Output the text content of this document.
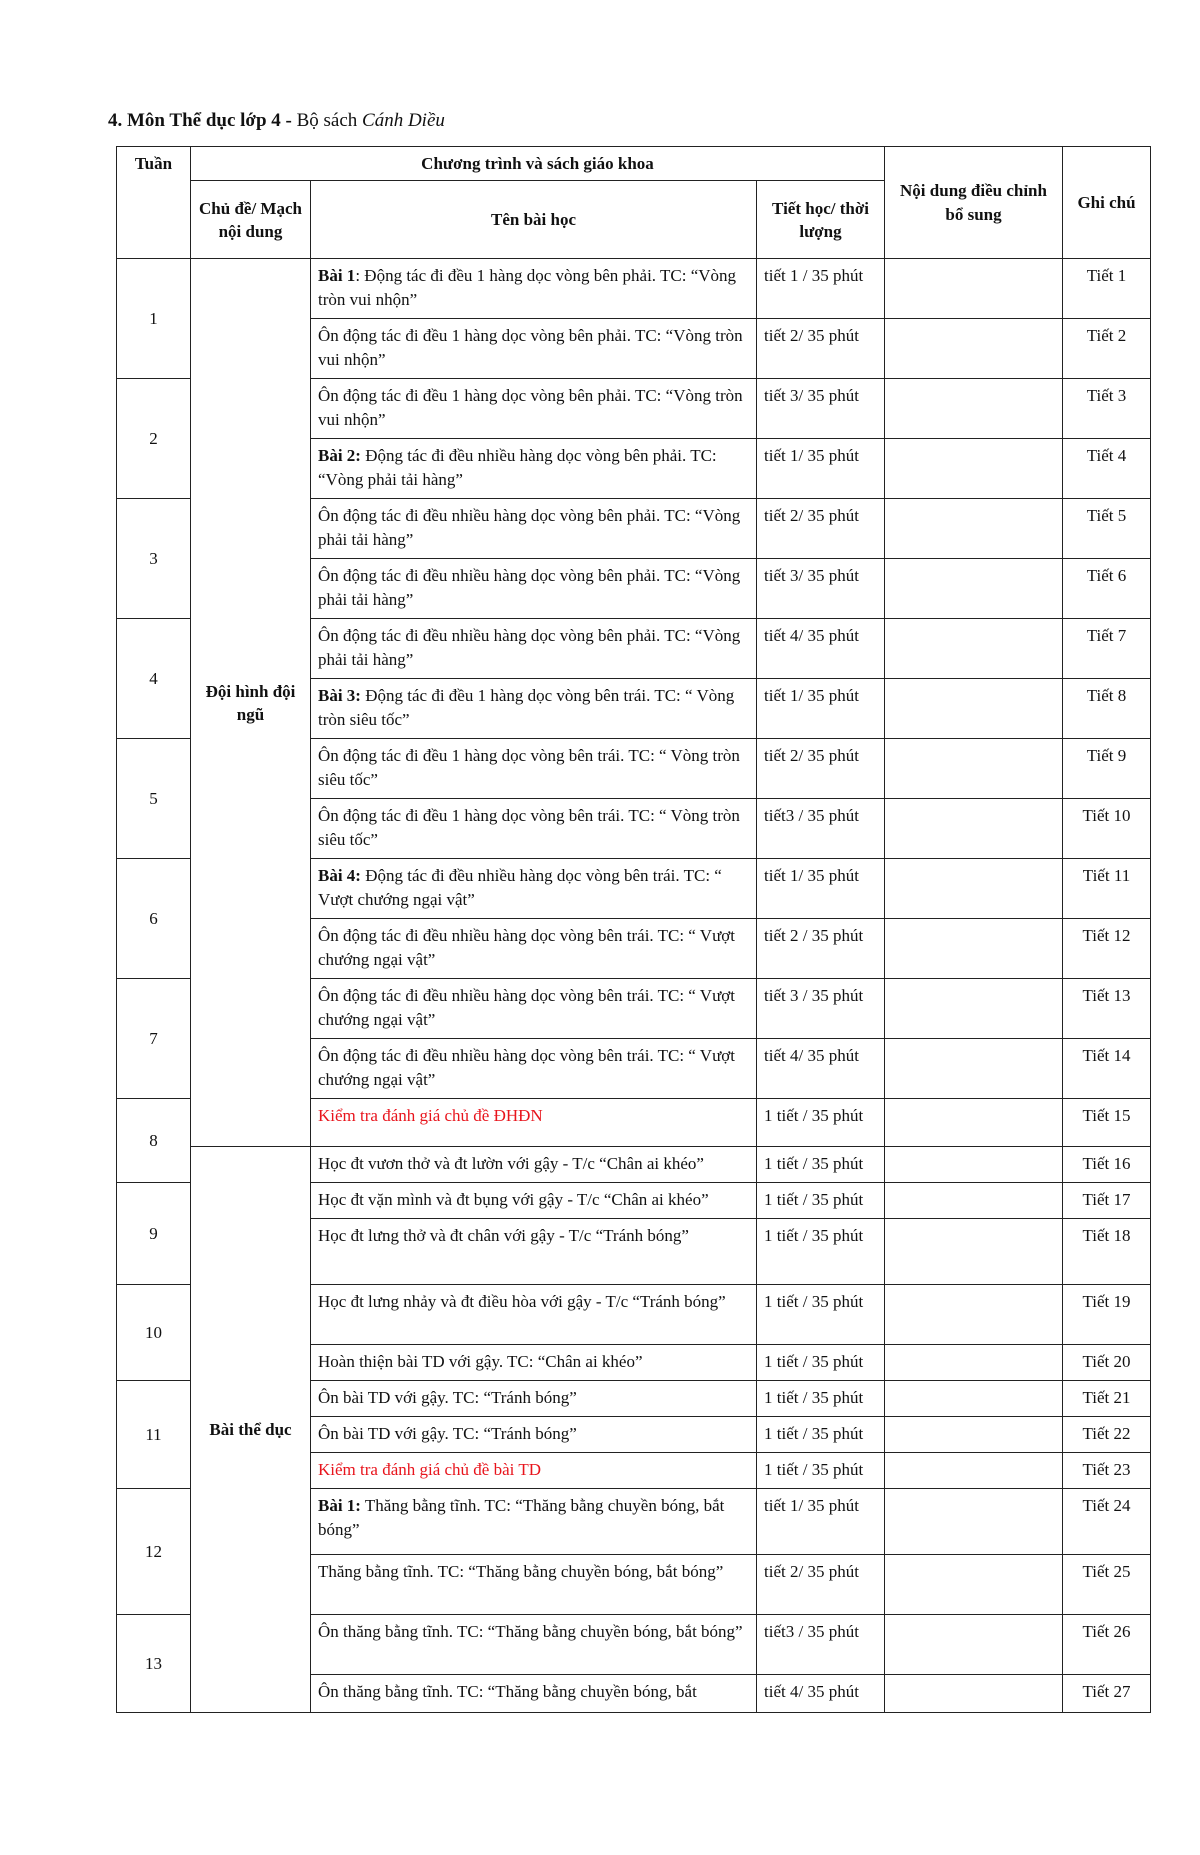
4. Môn Thể dục lớp 4 - Bộ sách Cánh Diều
Tuần	Chương trình và sách giáo khoa			Nội dung điều chỉnh bổ sung	Ghi chú
	Chủ đề/ Mạch nội dung	Tên bài học	Tiết học/ thời lượng		
1	Đội hình đội ngũ	Bài 1: Động tác đi đều 1 hàng dọc vòng bên phải. TC: “Vòng tròn vui nhộn”	tiết 1 / 35 phút		Tiết 1
		Ôn động tác đi đều 1 hàng dọc vòng bên phải. TC: “Vòng tròn vui nhộn”	tiết 2/ 35 phút		Tiết 2
2		Ôn động tác đi đều 1 hàng dọc vòng bên phải. TC: “Vòng tròn vui nhộn”	tiết 3/ 35 phút		Tiết 3
		Bài 2: Động tác đi đều nhiều hàng dọc vòng bên phải. TC: “Vòng phải tải hàng”	tiết 1/ 35 phút		Tiết 4
3		Ôn động tác đi đều nhiều hàng dọc vòng bên phải. TC: “Vòng phải tải hàng”	tiết 2/ 35 phút		Tiết 5
		Ôn động tác đi đều nhiều hàng dọc vòng bên phải. TC: “Vòng phải tải hàng”	tiết 3/ 35 phút		Tiết 6
4		Ôn động tác đi đều nhiều hàng dọc vòng bên phải. TC: “Vòng phải tải hàng”	tiết 4/ 35 phút		Tiết 7
		Bài 3: Động tác đi đều 1 hàng dọc vòng bên trái. TC: “ Vòng tròn siêu tốc”	tiết 1/ 35 phút		Tiết 8
5		Ôn động tác đi đều 1 hàng dọc vòng bên trái. TC: “ Vòng tròn siêu tốc”	tiết 2/ 35 phút		Tiết 9
		Ôn động tác đi đều 1 hàng dọc vòng bên trái. TC: “ Vòng tròn siêu tốc”	tiết3 / 35 phút		Tiết 10
6		Bài 4: Động tác đi đều nhiều hàng dọc vòng bên trái. TC: “ Vượt chướng ngại vật”	tiết 1/ 35 phút		Tiết 11
		Ôn động tác đi đều nhiều hàng dọc vòng bên trái. TC: “ Vượt chướng ngại vật”	tiết 2 / 35 phút		Tiết 12
7		Ôn động tác đi đều nhiều hàng dọc vòng bên trái. TC: “ Vượt chướng ngại vật”	tiết 3 / 35 phút		Tiết 13
		Ôn động tác đi đều nhiều hàng dọc vòng bên trái. TC: “ Vượt chướng ngại vật”	tiết 4/ 35 phút		Tiết 14
8		Kiểm tra đánh giá chủ đề ĐHĐN	1 tiết / 35 phút		Tiết 15
	Bài thể dục	Học đt vươn thở và đt lườn với gậy - T/c “Chân ai khéo”	1 tiết / 35 phút		Tiết 16
9		Học đt vặn mình và đt bụng với gậy - T/c “Chân ai khéo”	1 tiết / 35 phút		Tiết 17
		Học đt lưng thở và đt chân với gậy - T/c “Tránh bóng”	1 tiết / 35 phút		Tiết 18
10		Học đt lưng nhảy và đt điều hòa với gậy - T/c “Tránh bóng”	1 tiết / 35 phút		Tiết 19
		Hoàn thiện bài TD với gậy. TC: “Chân ai khéo”	1 tiết / 35 phút		Tiết 20
11		Ôn bài TD với gậy. TC: “Tránh bóng”	1 tiết / 35 phút		Tiết 21
		Ôn bài TD với gậy. TC: “Tránh bóng”	1 tiết / 35 phút		Tiết 22
		Kiểm tra đánh giá chủ đề bài TD	1 tiết / 35 phút		Tiết 23
12		Bài 1: Thăng bằng tĩnh. TC: “Thăng bằng chuyền bóng, bắt bóng”	tiết 1/ 35 phút		Tiết 24
		Thăng bằng tĩnh. TC: “Thăng bằng chuyền bóng, bắt bóng”	tiết 2/ 35 phút		Tiết 25
13		Ôn thăng bằng tĩnh. TC: “Thăng bằng chuyền bóng, bắt bóng”	tiết3 / 35 phút		Tiết 26
		Ôn thăng bằng tĩnh. TC: “Thăng bằng chuyền bóng, bắt	tiết 4/ 35 phút		Tiết 27
